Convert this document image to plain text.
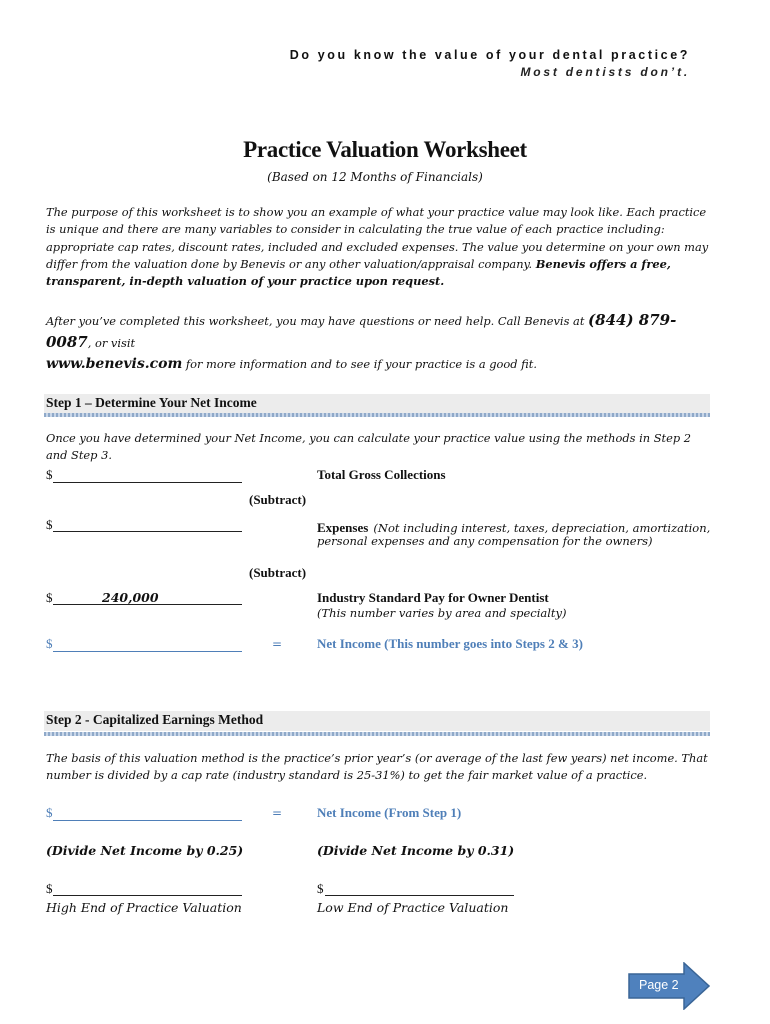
Do you know the value of your dental practice?
Most dentists don’t.
Practice Valuation Worksheet
(Based on 12 Months of Financials)
The purpose of this worksheet is to show you an example of what your practice value may look like. Each practice is unique and there are many variables to consider in calculating the true value of each practice including: appropriate cap rates, discount rates, included and excluded expenses. The value you determine on your own may differ from the valuation done by Benevis or any other valuation/appraisal company. Benevis offers a free, transparent, in-depth valuation of your practice upon request.
After you’ve completed this worksheet, you may have questions or need help. Call Benevis at (844) 879-0087, or visit
www.benevis.com for more information and to see if your practice is a good fit.
Step 1 – Determine Your Net Income
Once you have determined your Net Income, you can calculate your practice value using the methods in Step 2 and Step 3.
$	Total Gross Collections
(Subtract)
$	Expenses (Not including interest, taxes, depreciation, amortization,
personal expenses and any compensation for the owners)
(Subtract)
$	240,000	Industry Standard Pay for Owner Dentist
(This number varies by area and specialty)
$	=	Net Income (This number goes into Steps 2 & 3)
Step 2 - Capitalized Earnings Method
The basis of this valuation method is the practice’s prior year’s (or average of the last few years) net income. That number is divided by a cap rate (industry standard is 25-31%) to get the fair market value of a practice.
$	=	Net Income (From Step 1)
(Divide Net Income by 0.25)	(Divide Net Income by 0.31)
$
High End of Practice Valuation
$
Low End of Practice Valuation
Page 2
